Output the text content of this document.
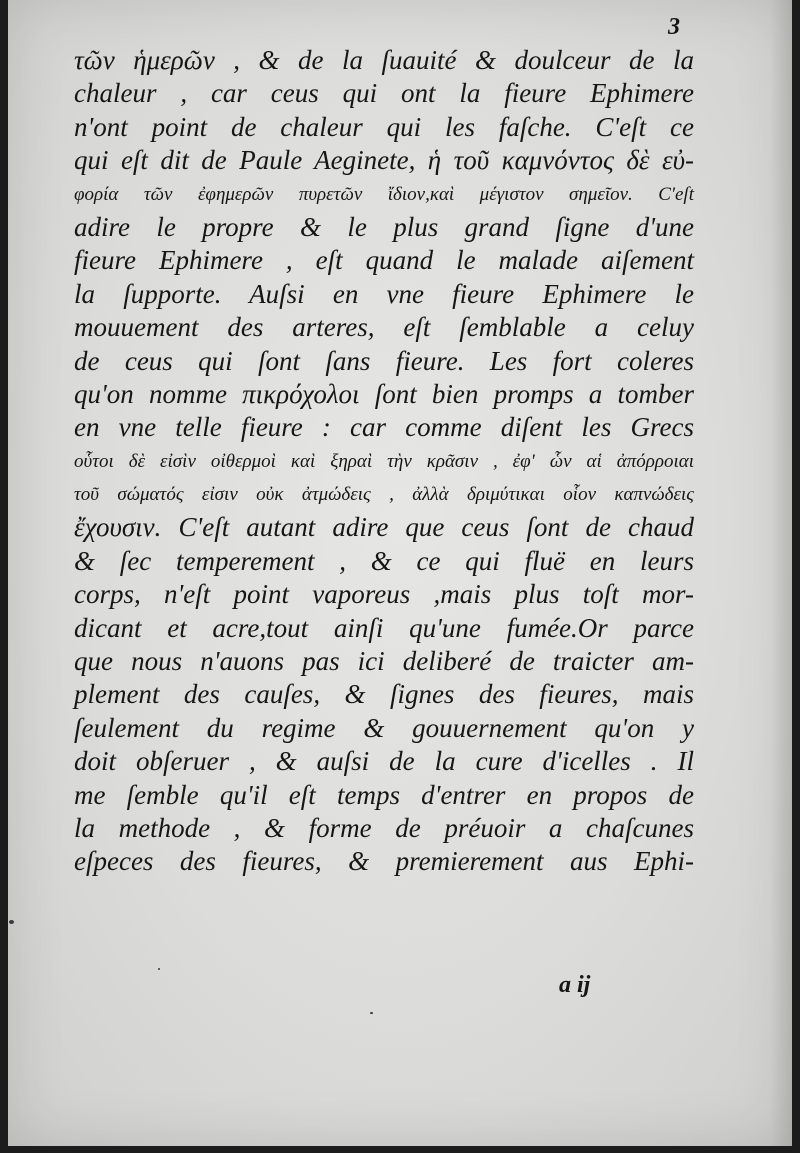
3
τῶν ἡμερῶν , & de la ſuauité & doulceur de la
chaleur , car ceus qui ont la fieure Ephimere
n'ont point de chaleur qui les faſche. C'eſt ce
qui eſt dit de Paule Aeginete, ἡ τοῦ καμνόντος δὲ εὐ-
φορία τῶν ἐφημερῶν πυρετῶν ἴδιον,καὶ μέγιστον σημεῖον. C'eſt
adire le propre & le plus grand ſigne d'une
fieure Ephimere , eſt quand le malade aiſement
la ſupporte. Auſsi en vne fieure Ephimere le
mouuement des arteres, eſt ſemblable a celuy
de ceus qui ſont ſans fieure. Les fort coleres
qu'on nomme πικρόχολοι ſont bien promps a tomber
en vne telle fieure : car comme diſent les Grecs
οὗτοι δὲ εἰσὶν οἰθερμοὶ καὶ ξηραὶ τὴν κρᾶσιν , ἐφ' ὧν αἱ ἀπόρροιαι
τοῦ σώματός εἰσιν οὐκ ἀτμώδεις , ἀλλὰ δριμύτικαι οἷον καπνώδεις
ἔχουσιν. C'eſt autant adire que ceus ſont de chaud
& ſec temperement , & ce qui fluë en leurs
corps, n'eſt point vaporeus ,mais plus toſt mor-
dicant et acre,tout ainſi qu'une fumée.Or parce
que nous n'auons pas ici deliberé de traicter am-
plement des cauſes, & ſignes des fieures, mais
ſeulement du regime & gouuernement qu'on y
doit obſeruer , & auſsi de la cure d'icelles . Il
me ſemble qu'il eſt temps d'entrer en propos de
la methode , & forme de préuoir a chaſcunes
eſpeces des fieures, & premierement aus Ephi-
a ij
